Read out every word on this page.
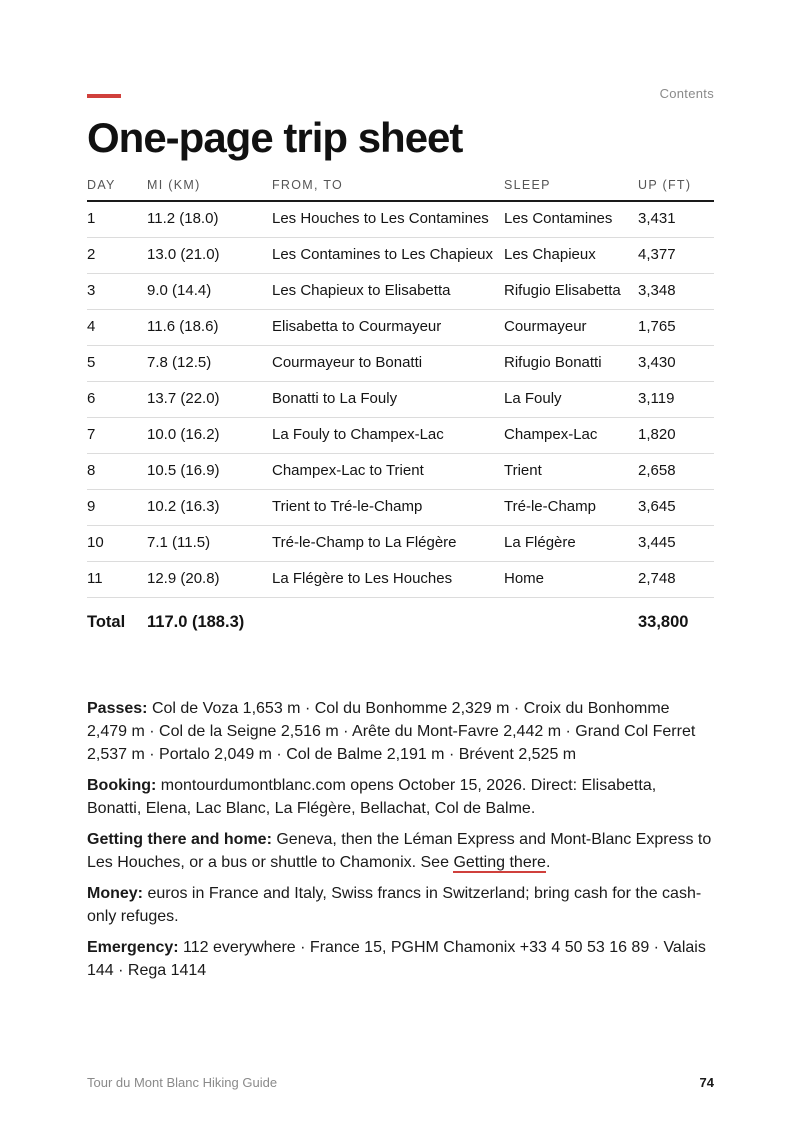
Contents
One-page trip sheet
DAY	MI (KM)	FROM, TO	SLEEP	UP (FT)
1	11.2 (18.0)	Les Houches to Les Contamines	Les Contamines	3,431
2	13.0 (21.0)	Les Contamines to Les Chapieux	Les Chapieux	4,377
3	9.0 (14.4)	Les Chapieux to Elisabetta	Rifugio Elisabetta	3,348
4	11.6 (18.6)	Elisabetta to Courmayeur	Courmayeur	1,765
5	7.8 (12.5)	Courmayeur to Bonatti	Rifugio Bonatti	3,430
6	13.7 (22.0)	Bonatti to La Fouly	La Fouly	3,119
7	10.0 (16.2)	La Fouly to Champex-Lac	Champex-Lac	1,820
8	10.5 (16.9)	Champex-Lac to Trient	Trient	2,658
9	10.2 (16.3)	Trient to Tré-le-Champ	Tré-le-Champ	3,645
10	7.1 (11.5)	Tré-le-Champ to La Flégère	La Flégère	3,445
11	12.9 (20.8)	La Flégère to Les Houches	Home	2,748
Total	117.0 (188.3)			33,800

Passes: Col de Voza 1,653 m · Col du Bonhomme 2,329 m · Croix du Bonhomme 2,479 m · Col de la Seigne 2,516 m · Arête du Mont-Favre 2,442 m · Grand Col Ferret 2,537 m · Portalo 2,049 m · Col de Balme 2,191 m · Brévent 2,525 m

Booking: montourdumontblanc.com opens October 15, 2026. Direct: Elisabetta, Bonatti, Elena, Lac Blanc, La Flégère, Bellachat, Col de Balme.

Getting there and home: Geneva, then the Léman Express and Mont-Blanc Express to Les Houches, or a bus or shuttle to Chamonix. See Getting there.

Money: euros in France and Italy, Swiss francs in Switzerland; bring cash for the cash-only refuges.

Emergency: 112 everywhere · France 15, PGHM Chamonix +33 4 50 53 16 89 · Valais 144 · Rega 1414

Tour du Mont Blanc Hiking Guide	74
